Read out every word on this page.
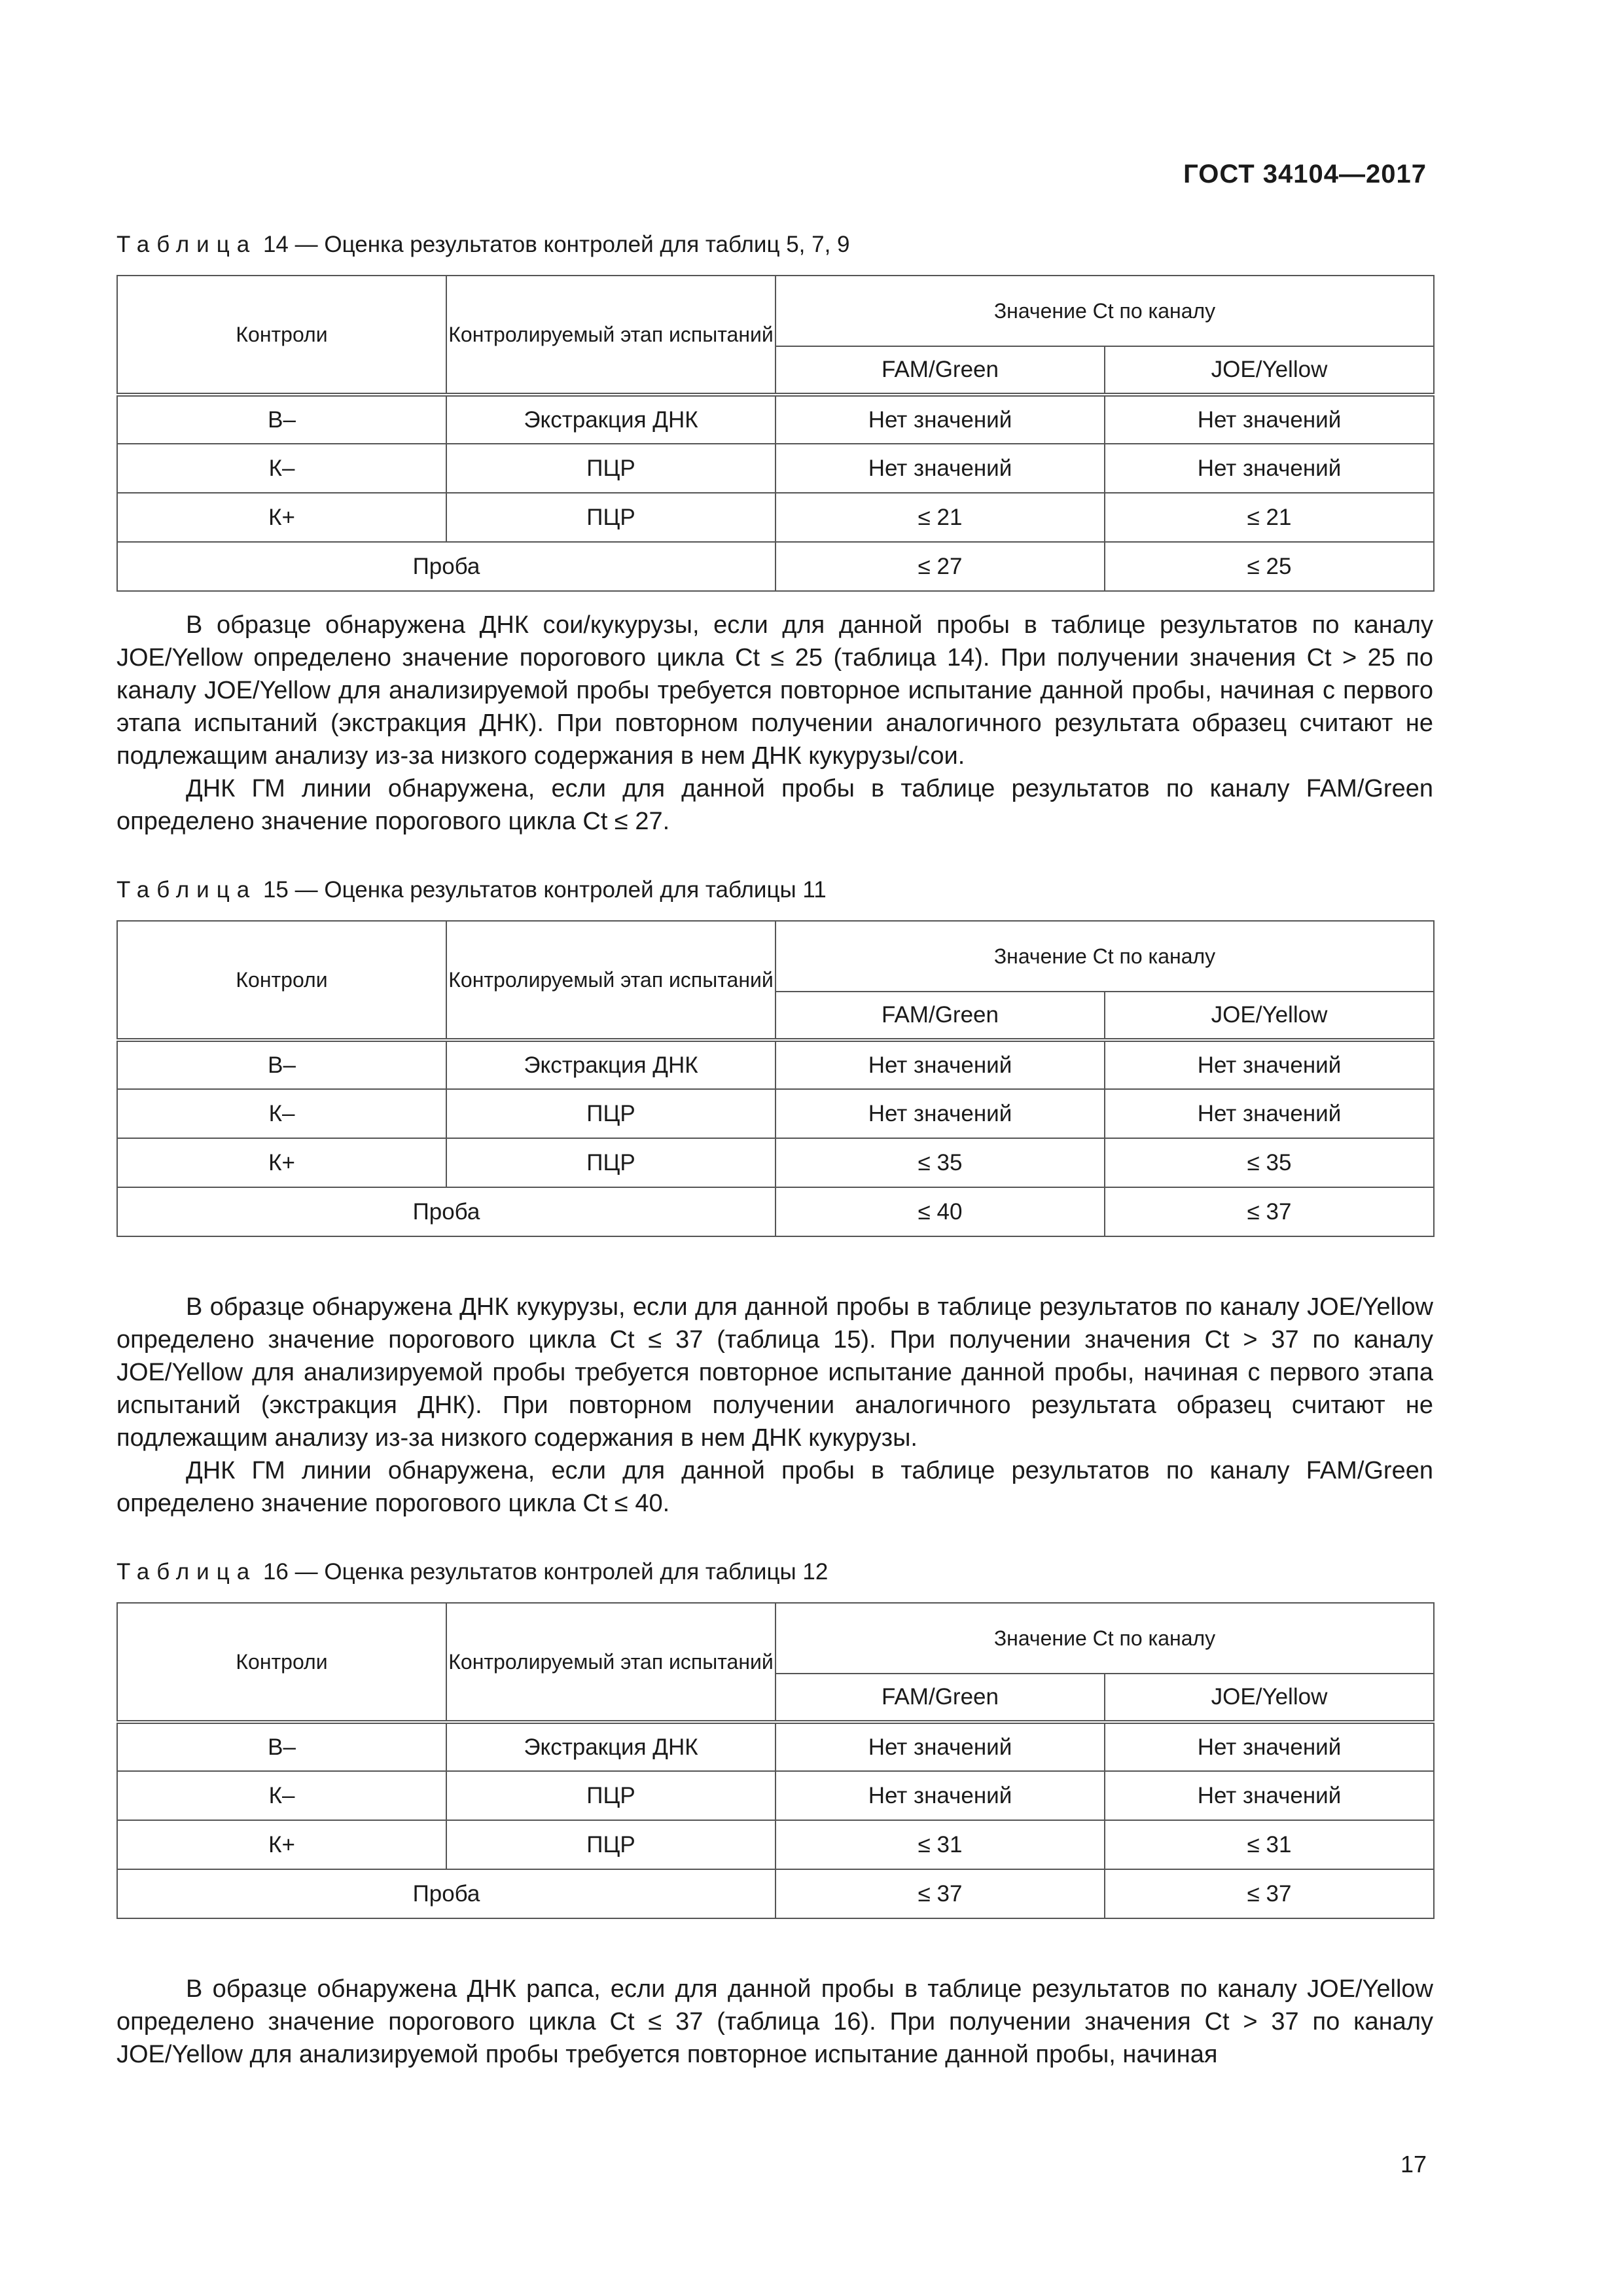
ГОСТ 34104—2017
Таблица 14 — Оценка результатов контролей для таблиц 5, 7, 9
Контроли	Контролируемый этап испытаний	Значение Ct по каналу	
		FAM/Green	JOE/Yellow
В–	Экстракция ДНК	Нет значений	Нет значений
К–	ПЦР	Нет значений	Нет значений
К+	ПЦР	≤ 21	≤ 21
Проба		≤ 27	≤ 25

В образце обнаружена ДНК сои/кукурузы, если для данной пробы в таблице результатов по каналу JOE/Yellow определено значение порогового цикла Ct ≤ 25 (таблица 14). При получении значения Ct > 25 по каналу JOE/Yellow для анализируемой пробы требуется повторное испытание данной пробы, начиная с первого этапа испытаний (экстракция ДНК). При повторном получении аналогичного результата образец считают не подлежащим анализу из-за низкого содержания в нем ДНК кукурузы/сои.

ДНК ГМ линии обнаружена, если для данной пробы в таблице результатов по каналу FAM/Green определено значение порогового цикла Ct ≤ 27.

Таблица 15 — Оценка результатов контролей для таблицы 11
Контроли	Контролируемый этап испытаний	Значение Ct по каналу	
		FAM/Green	JOE/Yellow
В–	Экстракция ДНК	Нет значений	Нет значений
К–	ПЦР	Нет значений	Нет значений
К+	ПЦР	≤ 35	≤ 35
Проба		≤ 40	≤ 37

В образце обнаружена ДНК кукурузы, если для данной пробы в таблице результатов по каналу JOE/Yellow определено значение порогового цикла Ct ≤ 37 (таблица 15). При получении значения Ct > 37 по каналу JOE/Yellow для анализируемой пробы требуется повторное испытание данной пробы, начиная с первого этапа испытаний (экстракция ДНК). При повторном получении аналогичного результата образец считают не подлежащим анализу из-за низкого содержания в нем ДНК кукурузы.

ДНК ГМ линии обнаружена, если для данной пробы в таблице результатов по каналу FAM/Green определено значение порогового цикла Ct ≤ 40.

Таблица 16 — Оценка результатов контролей для таблицы 12
Контроли	Контролируемый этап испытаний	Значение Ct по каналу	
		FAM/Green	JOE/Yellow
В–	Экстракция ДНК	Нет значений	Нет значений
К–	ПЦР	Нет значений	Нет значений
К+	ПЦР	≤ 31	≤ 31
Проба		≤ 37	≤ 37

В образце обнаружена ДНК рапса, если для данной пробы в таблице результатов по каналу JOE/Yellow определено значение порогового цикла Ct ≤ 37 (таблица 16). При получении значения Ct > 37 по каналу JOE/Yellow для анализируемой пробы требуется повторное испытание данной пробы, начиная

17
